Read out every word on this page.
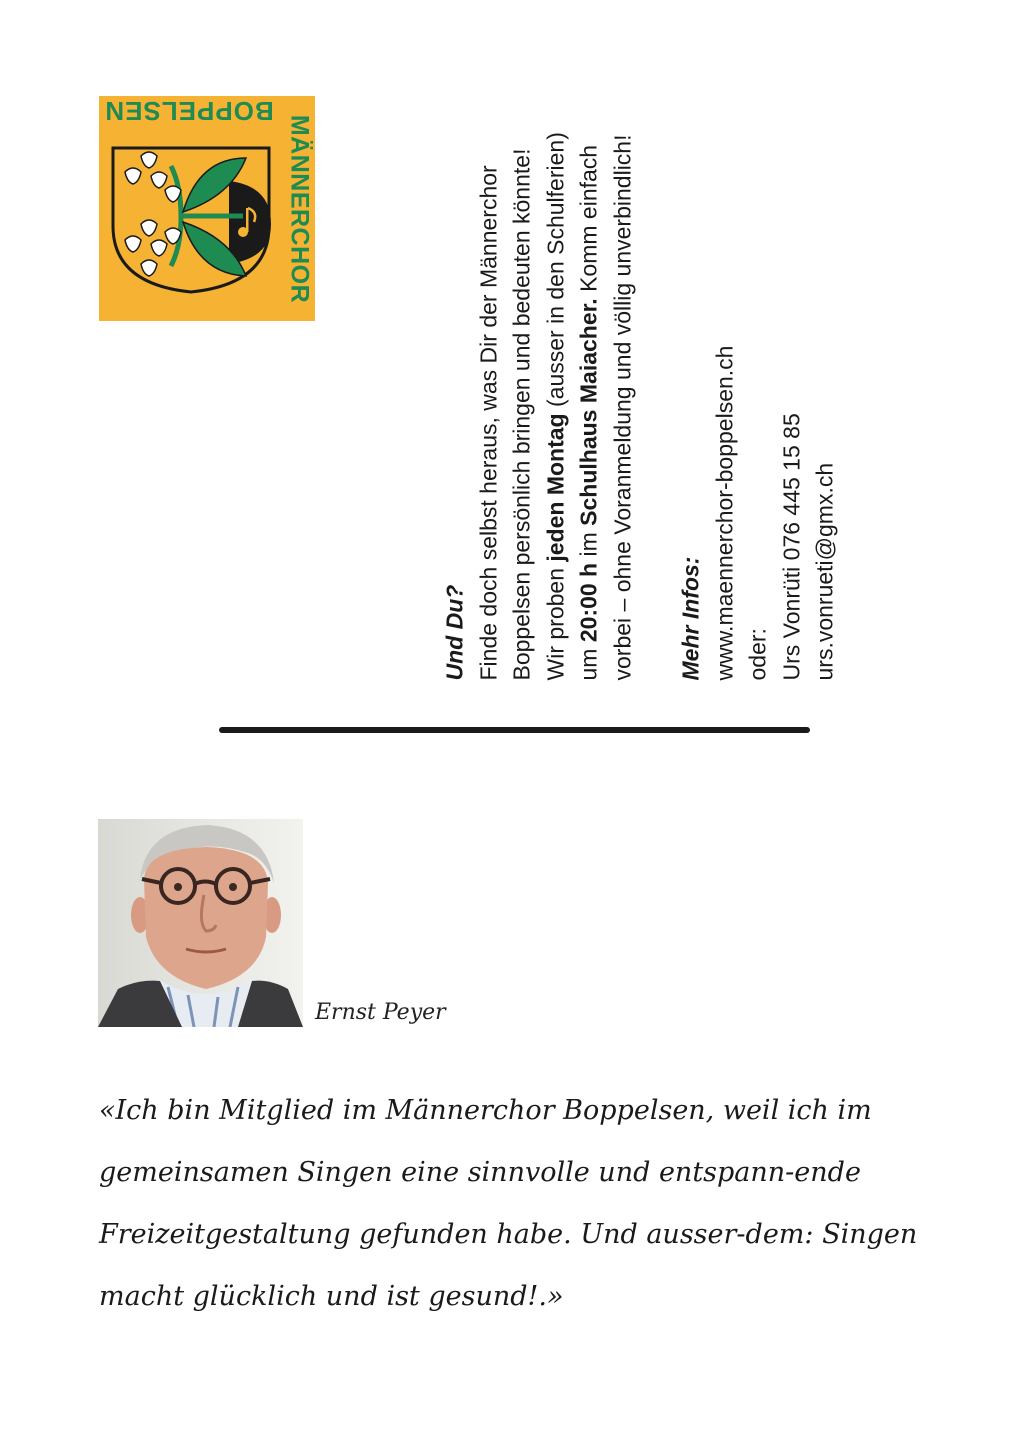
BOPPELSEN
MÄNNERCHOR

Und Du? Finde doch selbst heraus, was Dir der Männerchor Boppelsen persönlich bringen und bedeuten könnte! Wir proben jeden Montag (ausser in den Schulferien) um 20:00 h im Schulhaus Maiacher. Komm einfach vorbei – ohne Voranmeldung und völlig unverbindlich! Mehr Infos: www.maennerchor-boppelsen.ch oder: Urs Vonrüti 076 445 15 85 urs.vonrueti@gmx.ch

Ernst Peyer

«Ich bin Mitglied im Männerchor Boppelsen, weil ich im gemeinsamen Singen eine sinnvolle und entspann-ende Freizeitgestaltung gefunden habe. Und ausser-dem: Singen macht glücklich und ist gesund!.»
